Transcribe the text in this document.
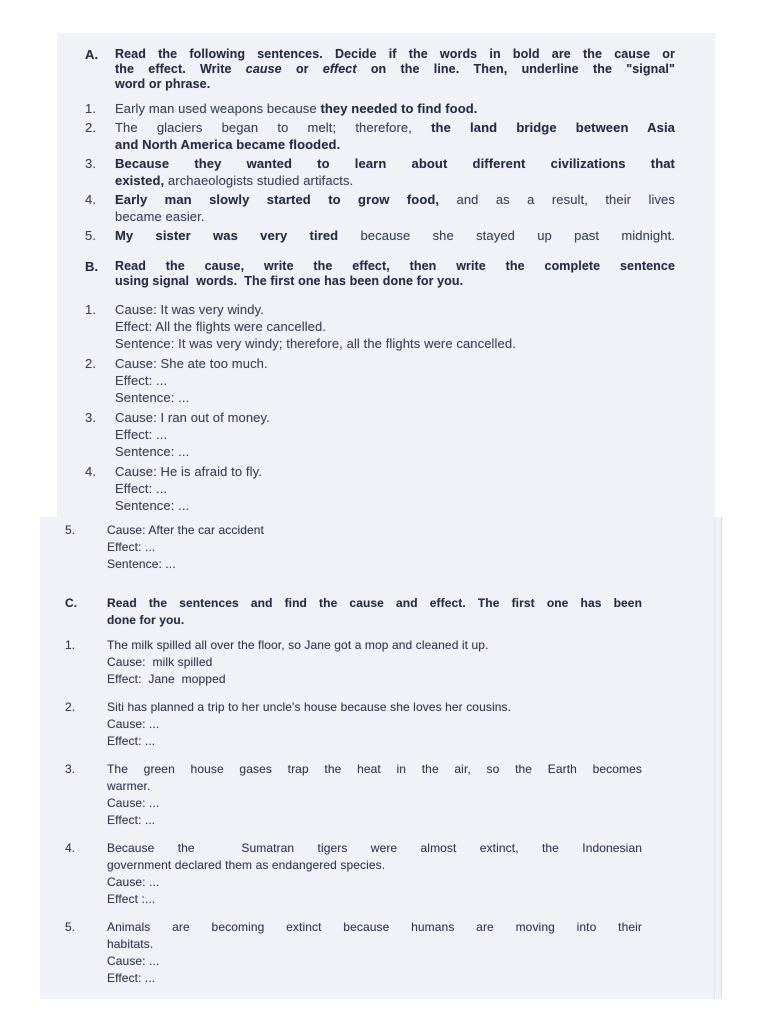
A.	Read the following sentences. Decide if the words in bold are the cause or
the effect. Write cause or effect on the line. Then, underline the "signal"
word or phrase.
1.	Early man used weapons because they needed to find food.
2.	The glaciers began to melt; therefore, the land bridge between Asia
and North America became flooded.
3.	Because they wanted to learn about different civilizations that
existed, archaeologists studied artifacts.
4.	Early man slowly started to grow food, and as a result, their lives
became easier.
5.	My sister was very tired because she stayed up past midnight.
B.	Read the cause, write the effect, then write the complete sentence
using signal  words.  The first one has been done for you.
1.	Cause: It was very windy.
Effect: All the flights were cancelled.
Sentence: It was very windy; therefore, all the flights were cancelled.
2.	Cause: She ate too much.
Effect: ...
Sentence: ...
3.	Cause: I ran out of money.
Effect: ...
Sentence: ...
4.	Cause: He is afraid to fly.
Effect: ...
Sentence: ...
5.	Cause: After the car accident
Effect: ...
Sentence: ...
C.	Read the sentences and find the cause and effect. The first one has been
done for you.
1.	The milk spilled all over the floor, so Jane got a mop and cleaned it up.
Cause:  milk spilled
Effect:  Jane  mopped
2.	Siti has planned a trip to her uncle's house because she loves her cousins.
Cause: ...
Effect: ...
3.	The green house gases trap the heat in the air, so the Earth becomes
warmer.
Cause: ...
Effect: ...
4.	Because the  Sumatran tigers were almost extinct, the Indonesian
government declared them as endangered species.
Cause: ...
Effect :...
5.	Animals are becoming extinct because humans are moving into their
habitats.
Cause: ...
Effect: ...
